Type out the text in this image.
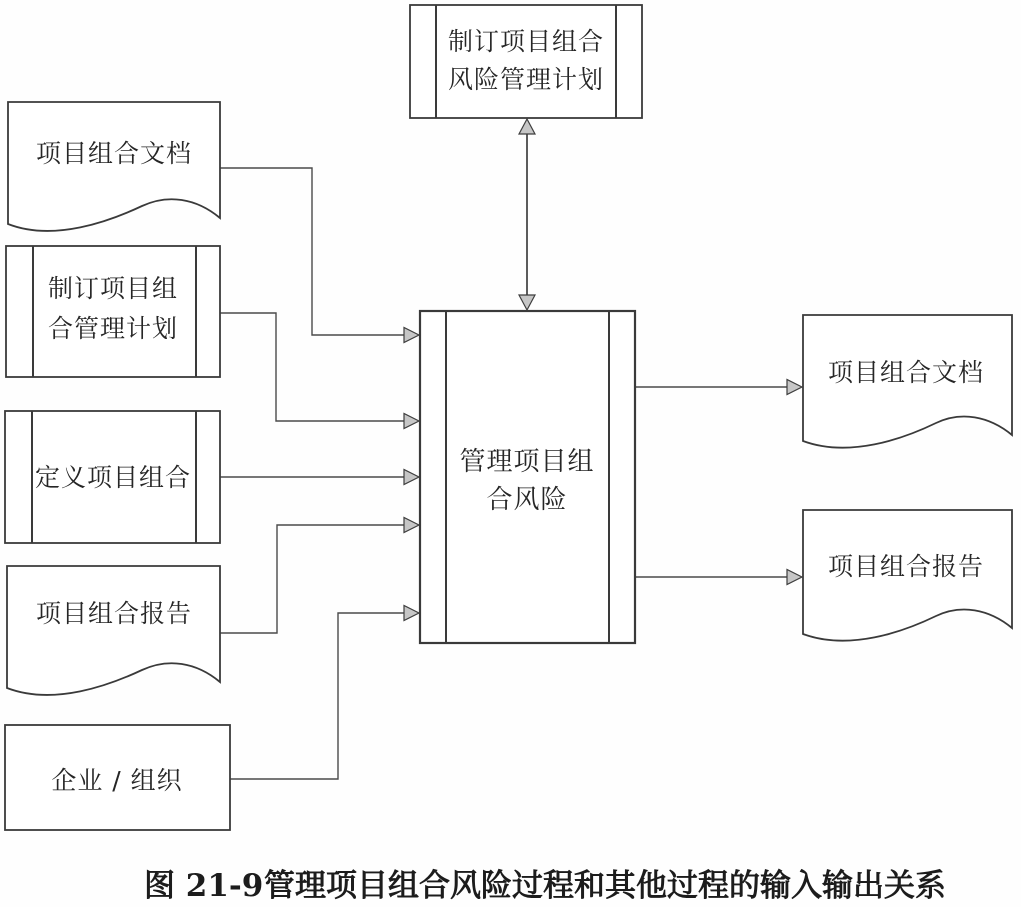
制订项目组合
风险管理计划
项目组合文档
制订项目组
合管理计划
定义项目组合
项目组合报告
企业 / 组织
管理项目组
合风险
项目组合文档
项目组合报告
图 21-9 管理项目组合风险过程和其他过程的输入输出关系
